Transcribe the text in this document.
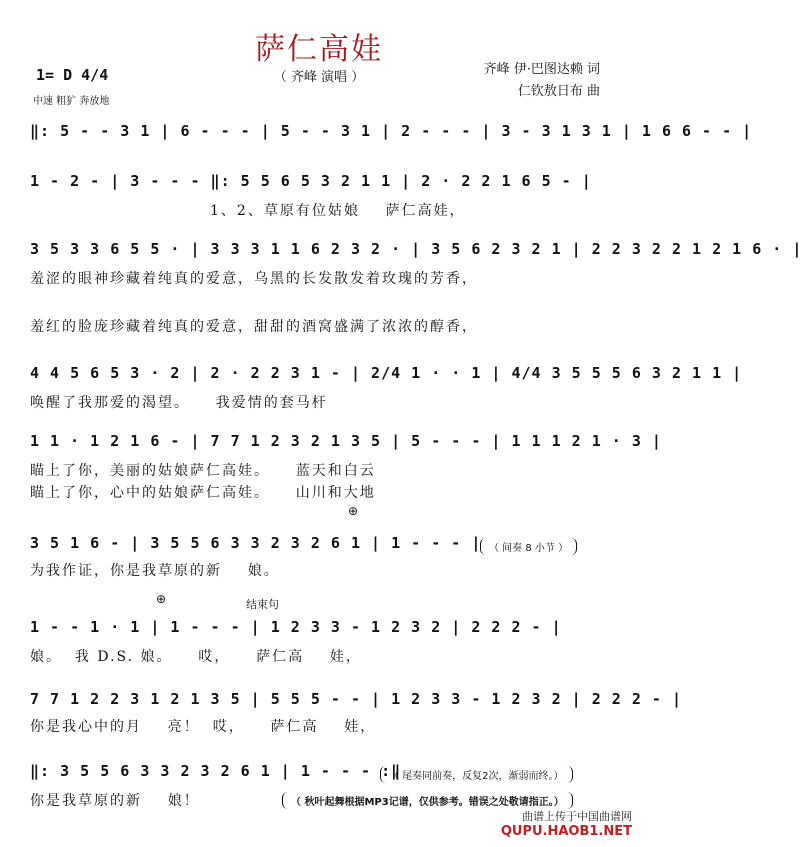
萨仁高娃
（ 齐峰 演唱 ）
齐峰 伊·巴图达赖 词
仁钦敖日布 曲
1= D 4/4
中速 粗犷 奔放地
‖: 5 - - 3 1 | 6 - - - | 5 - - 3 1 | 2 - - - | 3 - 3 1 3 1 | 1 6 6 - - |
1 - 2 - | 3 - - - ‖: 5 5 6 5 3 2 1 1 | 2 · 2 2 1 6 5 - |
1、2、草原有位姑娘    萨仁高娃，
3 5 3 3 6 5 5 · | 3 3 3 1 1 6 2 3 2 · | 3 5 6 2 3 2 1 | 2 2 3 2 2 1 2 1 6 · |
羞涩的眼神珍藏着纯真的爱意，乌黑的长发散发着玫瑰的芳香，
羞红的脸庞珍藏着纯真的爱意，甜甜的酒窝盛满了浓浓的醇香，
4 4 5 6 5 3 · 2 | 2 · 2 2 3 1 - | 2/4 1 · · 1 | 4/4 3 5 5 5 6 3 2 1 1 |
唤醒了我那爱的渴望。    我爱情的套马杆
1 1 · 1 2 1 6 - | 7 7 1 2 3 2 1 3 5 | 5 - - - | 1 1 1 2 1 · 3 |
瞄上了你，美丽的姑娘萨仁高娃。    蓝天和白云
瞄上了你，心中的姑娘萨仁高娃。    山川和大地
3 5 1 6 - | 3 5 5 6 3 3 2 3 2 6 1 | 1 - - - | （ 间奏 8 小节 ）
为我作证，你是我草原的新    娘。
⊕
结束句
⊕
1 - - 1 · 1 | 1 - - - | 1 2 3 3 - 1 2 3 2 | 2 2 2 - |
娘。  我 D.S. 娘。    哎，    萨仁高    娃，
7 7 1 2 2 3 1 2 1 3 5 | 5 5 5 - - | 1 2 3 3 - 1 2 3 2 | 2 2 2 - |
你是我心中的月    亮！  哎，    萨仁高    娃，
‖: 3 5 5 6 3 3 2 3 2 6 1 | 1 - - - :‖
（ 尾奏同前奏，反复2次，渐弱而终。）
你是我草原的新    娘！	（ 秋叶起舞根据MP3记谱，仅供参考。错误之处敬请指正。）
曲谱上传于中国曲谱网
QUPU.HAOB1.NET
